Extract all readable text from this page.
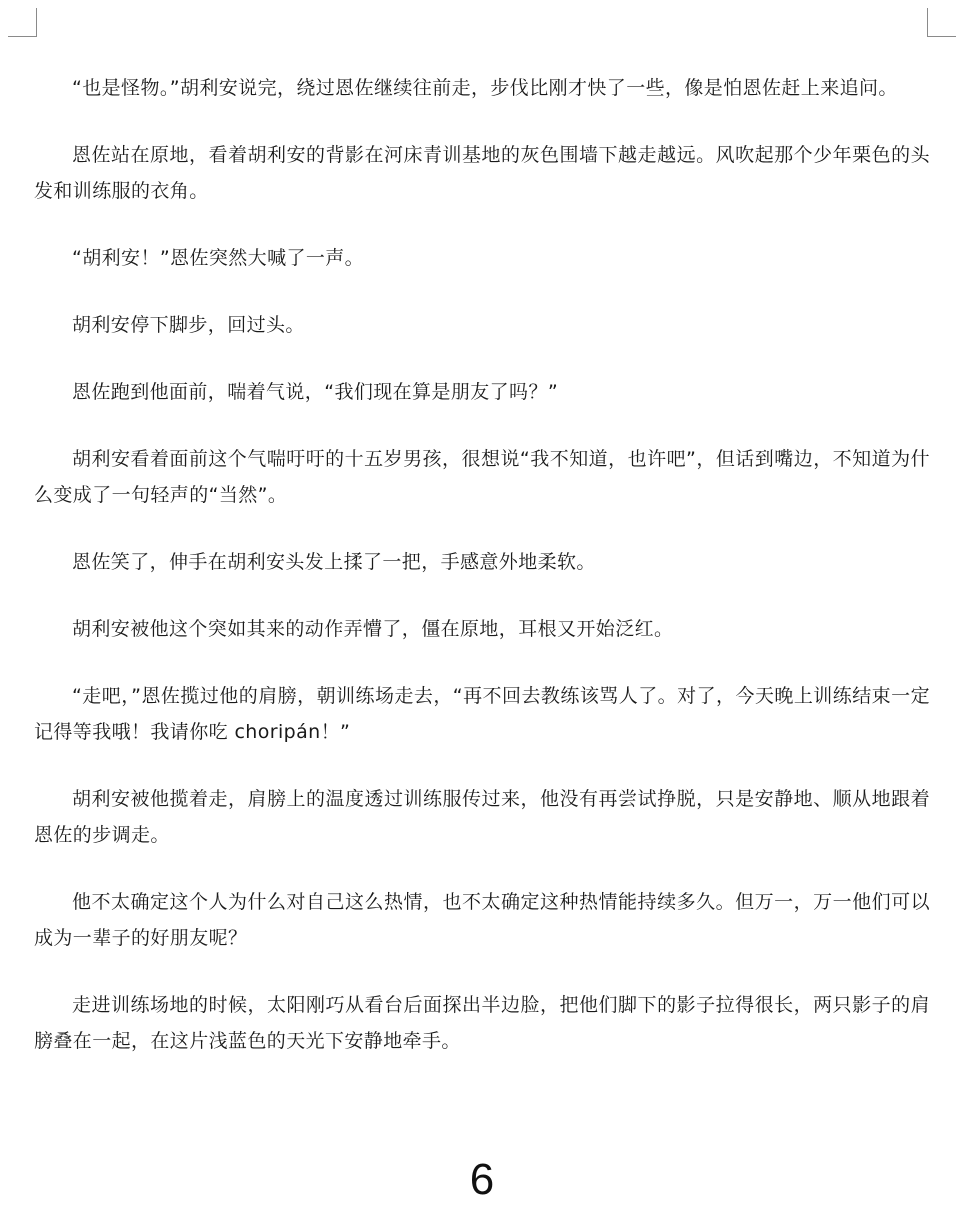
“也是怪物。”胡利安说完，绕过恩佐继续往前走，步伐比刚才快了一些，像是怕恩佐赶上来追问。

恩佐站在原地，看着胡利安的背影在河床青训基地的灰色围墙下越走越远。风吹起那个少年栗色的头发和训练服的衣角。

“胡利安！”恩佐突然大喊了一声。

胡利安停下脚步，回过头。

恩佐跑到他面前，喘着气说，“我们现在算是朋友了吗？”

胡利安看着面前这个气喘吁吁的十五岁男孩，很想说“我不知道，也许吧”，但话到嘴边，不知道为什么变成了一句轻声的“当然”。

恩佐笑了，伸手在胡利安头发上揉了一把，手感意外地柔软。

胡利安被他这个突如其来的动作弄懵了，僵在原地，耳根又开始泛红。

“走吧，”恩佐揽过他的肩膀，朝训练场走去，“再不回去教练该骂人了。对了，今天晚上训练结束一定记得等我哦！我请你吃 choripán！”

胡利安被他揽着走，肩膀上的温度透过训练服传过来，他没有再尝试挣脱，只是安静地、顺从地跟着恩佐的步调走。

他不太确定这个人为什么对自己这么热情，也不太确定这种热情能持续多久。但万一，万一他们可以成为一辈子的好朋友呢？

走进训练场地的时候，太阳刚巧从看台后面探出半边脸，把他们脚下的影子拉得很长，两只影子的肩膀叠在一起，在这片浅蓝色的天光下安静地牵手。

6
